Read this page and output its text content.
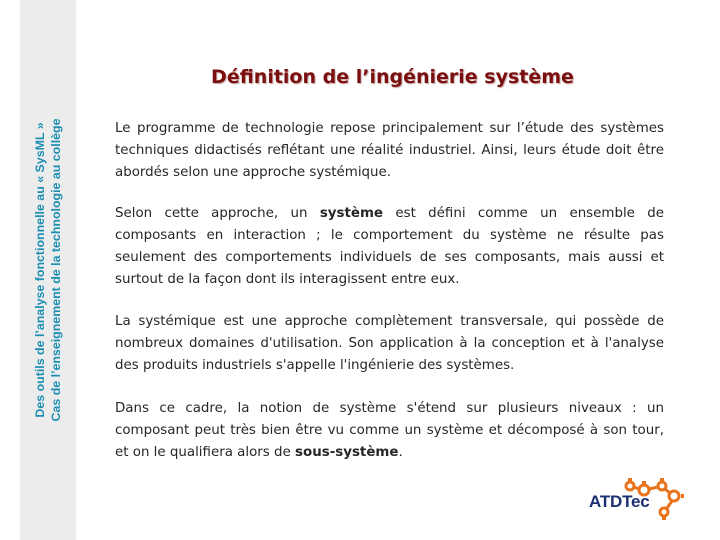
Des outils de l’analyse fonctionnelle au « SysML » Cas de l’enseignement de la technologie au collège
Définition de l’ingénierie système

Le programme de technologie repose principalement sur l’étude des systèmes techniques didactisés reflétant une réalité industriel. Ainsi, leurs étude doit être abordés selon une approche systémique.

Selon cette approche, un système est défini comme un ensemble de composants en interaction ; le comportement du système ne résulte pas seulement des comportements individuels de ses composants, mais aussi et surtout de la façon dont ils interagissent entre eux.

La systémique est une approche complètement transversale, qui possède de nombreux domaines d'utilisation. Son application à la conception et à l'analyse des produits industriels s'appelle l'ingénierie des systèmes.

Dans ce cadre, la notion de système s'étend sur plusieurs niveaux : un composant peut très bien être vu comme un système et décomposé à son tour, et on le qualifiera alors de sous-système.

ATDTec
